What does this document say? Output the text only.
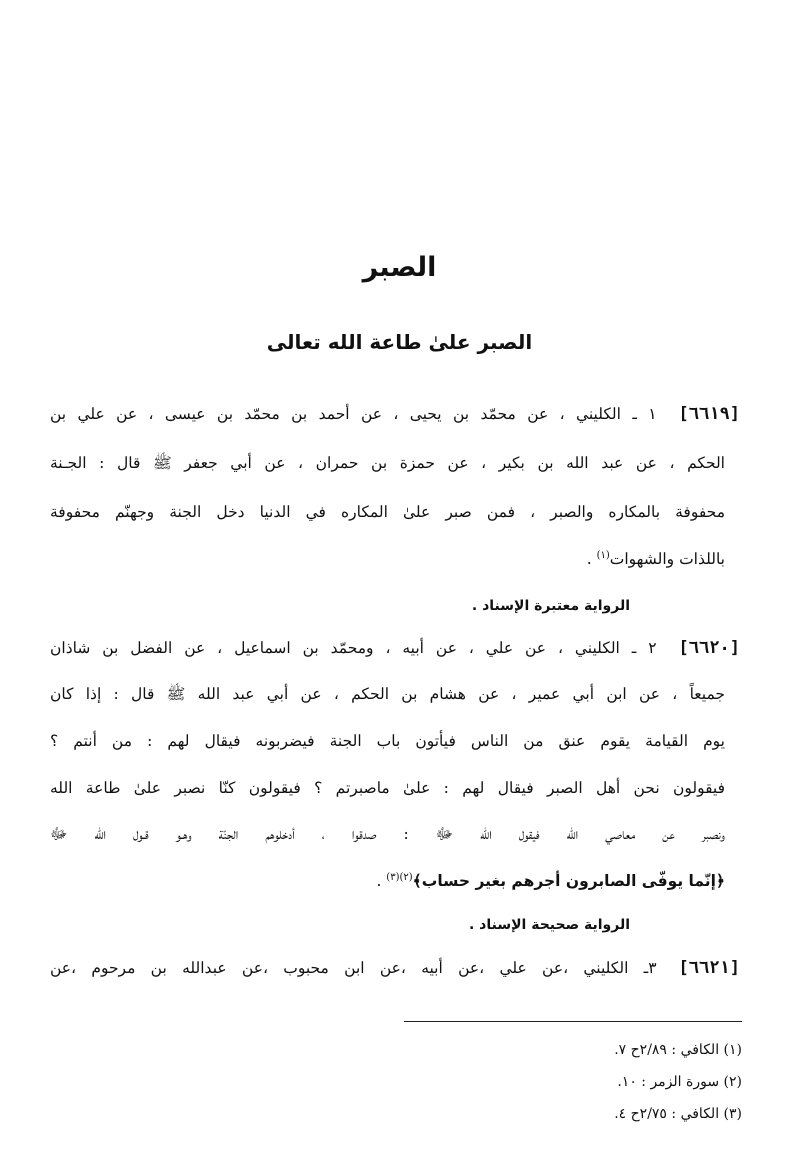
الصبر
الصبر علىٰ طاعة الله تعالى
[٦٦١٩]١ ـ الكليني ، عن محمّد بن يحيى ، عن أحمد بن محمّد بن عيسى ، عن علي بن
الحكم ، عن عبد الله بن بكير ، عن حمزة بن حمران ، عن أبي جعفر ﷺ قال : الجـنة
محفوفة بالمكاره والصبر ، فمن صبر علىٰ المكاره في الدنيا دخل الجنة وجهنّم محفوفة
باللذات والشهوات$^{(١)}$ .
الرواية معتبرة الإسناد .
[٦٦٢٠]٢ ـ الكليني ، عن علي ، عن أبيه ، ومحمّد بن اسماعيل ، عن الفضل بن شاذان
جميعاً ، عن ابن أبي عمير ، عن هشام بن الحكم ، عن أبي عبد الله ﷺ قال : إذا كان
يوم القيامة يقوم عنق من الناس فيأتون باب الجنة فيضربونه فيقال لهم : من أنتم ؟
فيقولون نحن أهل الصبر فيقال لهم : علىٰ ماصبرتم ؟ فيقولون كنّا نصبر علىٰ طاعة الله
ونصبر عن معاصي الله فيقول الله ﷻ : صدقوا ، أدخلوهم الجنّة وهـو قـول الله ﷻ
﴿إنّما يوفّى الصابرون أجرهم بغير حساب﴾$^{(٢)(٣)}$ .
الرواية صحيحة الإسناد .
[٦٦٢١]٣ـ الكليني ،عن علي ،عن أبيه ،عن ابن محبوب ،عن عبدالله بن مرحوم ،عن
(١) الكافي : ٢/٨٩ح ٧.
(٢) سورة الزمر : ١٠.
(٣) الكافي : ٢/٧٥ح ٤.
